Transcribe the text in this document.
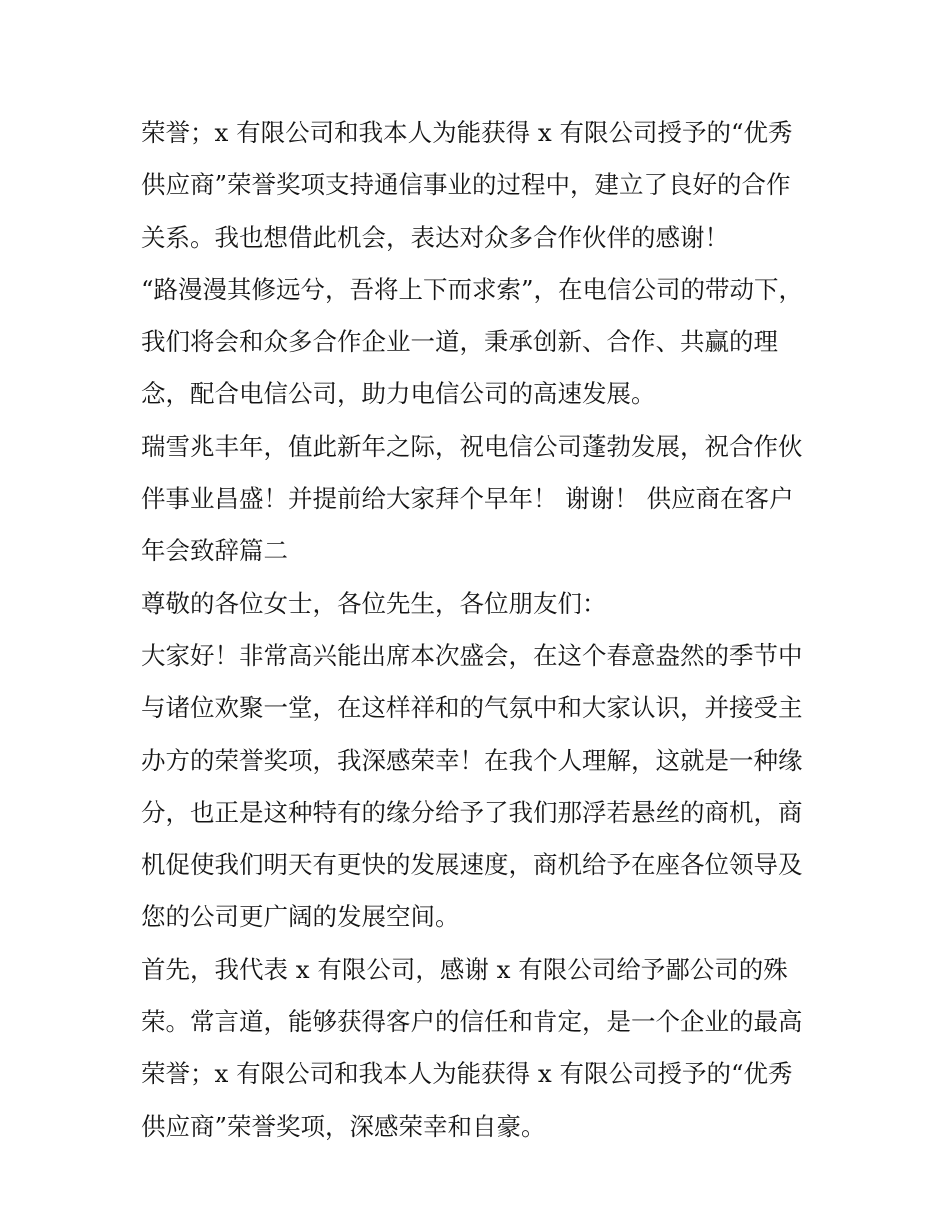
荣誉；x 有限公司和我本人为能获得 x 有限公司授予的“优秀
供应商”荣誉奖项支持通信事业的过程中，建立了良好的合作
关系。我也想借此机会，表达对众多合作伙伴的感谢！
“路漫漫其修远兮，吾将上下而求索”，在电信公司的带动下，
我们将会和众多合作企业一道，秉承创新、合作、共赢的理
念，配合电信公司，助力电信公司的高速发展。
瑞雪兆丰年，值此新年之际，祝电信公司蓬勃发展，祝合作伙
伴事业昌盛！并提前给大家拜个早年！ 谢谢！ 供应商在客户
年会致辞篇二
尊敬的各位女士，各位先生，各位朋友们：
大家好！非常高兴能出席本次盛会，在这个春意盎然的季节中
与诸位欢聚一堂，在这样祥和的气氛中和大家认识，并接受主
办方的荣誉奖项，我深感荣幸！在我个人理解，这就是一种缘
分，也正是这种特有的缘分给予了我们那浮若悬丝的商机，商
机促使我们明天有更快的发展速度，商机给予在座各位领导及
您的公司更广阔的发展空间。
首先，我代表 x 有限公司，感谢 x 有限公司给予鄙公司的殊
荣。常言道，能够获得客户的信任和肯定，是一个企业的最高
荣誉；x 有限公司和我本人为能获得 x 有限公司授予的“优秀
供应商”荣誉奖项，深感荣幸和自豪。
